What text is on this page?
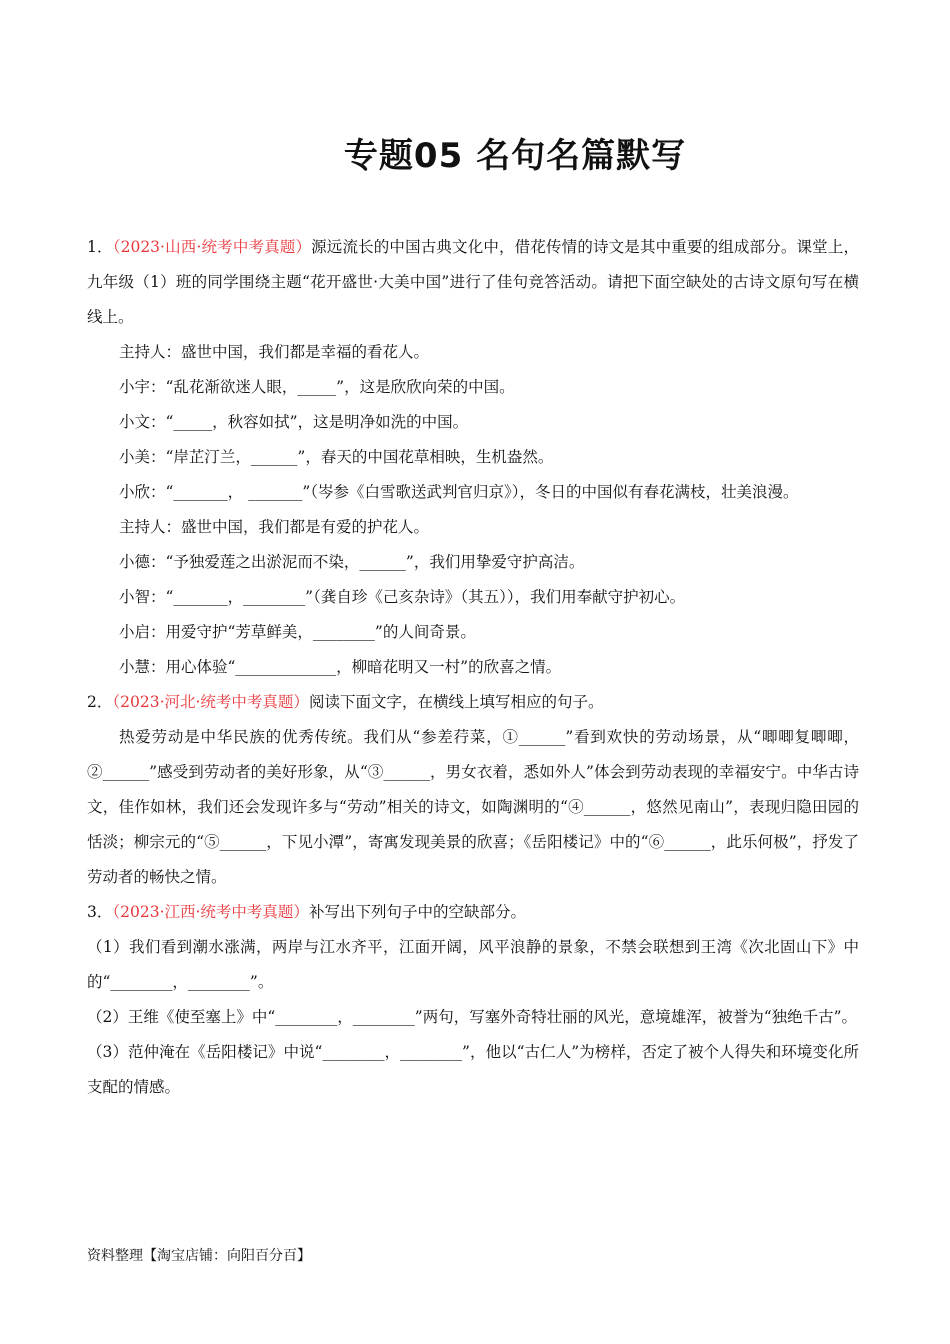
专题05 名句名篇默写

1．（2023·山西·统考中考真题）源远流长的中国古典文化中，借花传情的诗文是其中重要的组成部分。课堂上，九年级（1）班的同学围绕主题“花开盛世·大美中国”进行了佳句竞答活动。请把下面空缺处的古诗文原句写在横线上。

主持人：盛世中国，我们都是幸福的看花人。

小宇：“乱花渐欲迷人眼，_____”，这是欣欣向荣的中国。

小文：“_____，秋容如拭”，这是明净如洗的中国。

小美：“岸芷汀兰，______”，春天的中国花草相映，生机盎然。

小欣：“_______， _______”（岑参《白雪歌送武判官归京》），冬日的中国似有春花满枝，壮美浪漫。

主持人：盛世中国，我们都是有爱的护花人。

小德：“予独爱莲之出淤泥而不染，______”，我们用挚爱守护高洁。

小智：“_______，________”（龚自珍《己亥杂诗》（其五）），我们用奉献守护初心。

小启：用爱守护“芳草鲜美，________”的人间奇景。

小慧：用心体验“_____________，柳暗花明又一村”的欣喜之情。

2．（2023·河北·统考中考真题）阅读下面文字，在横线上填写相应的句子。

热爱劳动是中华民族的优秀传统。我们从“参差荇菜，①______”看到欢快的劳动场景，从“唧唧复唧唧，②______”感受到劳动者的美好形象，从“③______，男女衣着，悉如外人”体会到劳动表现的幸福安宁。中华古诗文，佳作如林，我们还会发现许多与“劳动”相关的诗文，如陶渊明的“④______，悠然见南山”，表现归隐田园的恬淡；柳宗元的“⑤______，下见小潭”，寄寓发现美景的欣喜；《岳阳楼记》中的“⑥______，此乐何极”，抒发了劳动者的畅快之情。

3．（2023·江西·统考中考真题）补写出下列句子中的空缺部分。

（1）我们看到潮水涨满，两岸与江水齐平，江面开阔，风平浪静的景象，不禁会联想到王湾《次北固山下》中的“________，________”。

（2）王维《使至塞上》中“________，________”两句，写塞外奇特壮丽的风光，意境雄浑，被誉为“独绝千古”。

（3）范仲淹在《岳阳楼记》中说“________，________”，他以“古仁人”为榜样，否定了被个人得失和环境变化所支配的情感。

资料整理【淘宝店铺：向阳百分百】
